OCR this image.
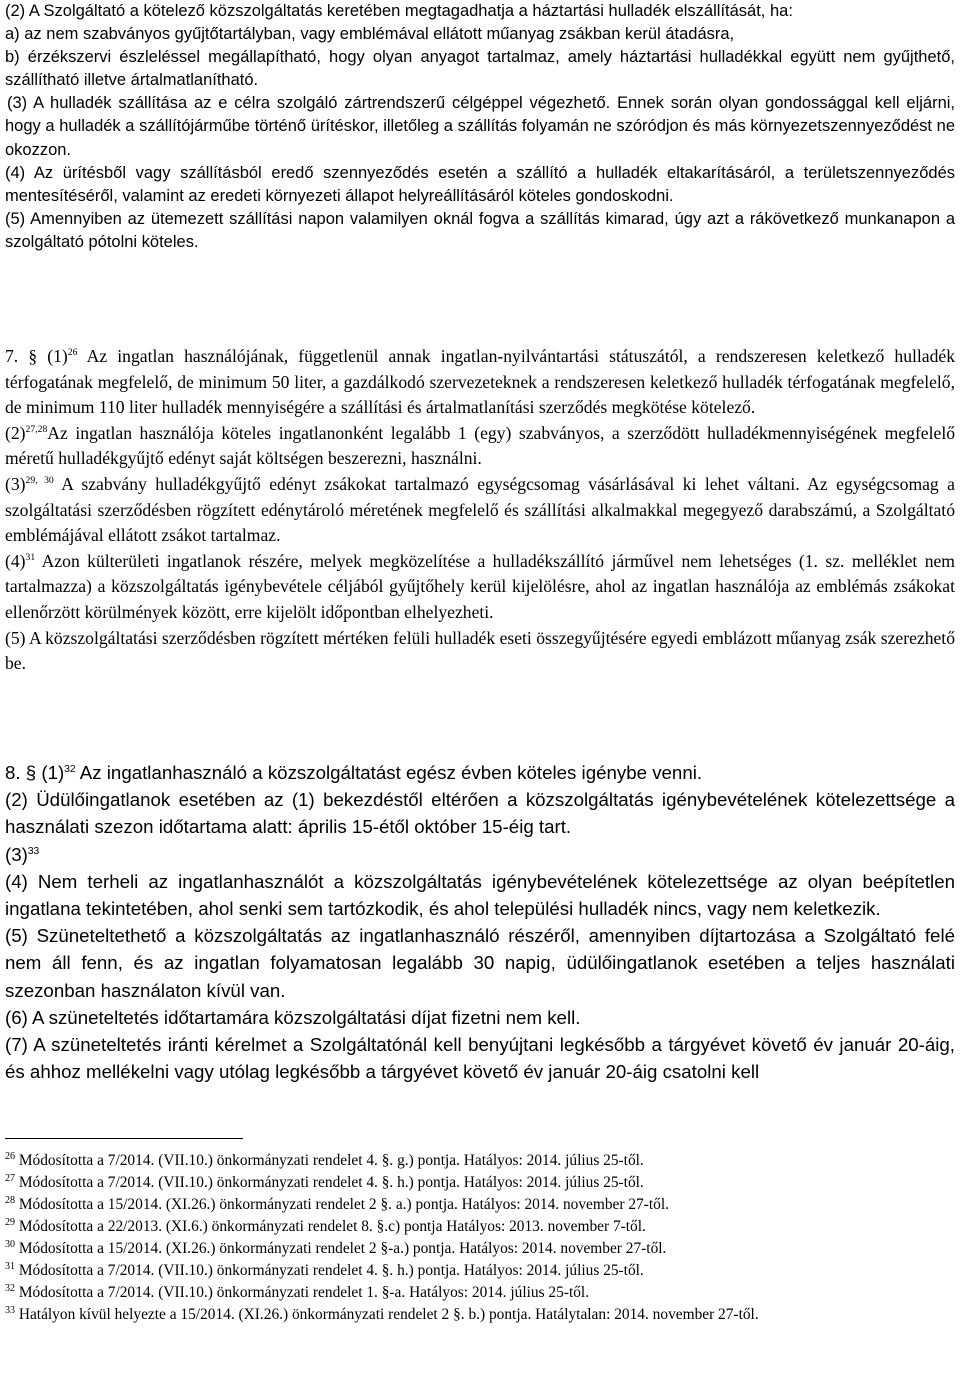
(2) A Szolgáltató a kötelező közszolgáltatás keretében megtagadhatja a háztartási hulladék elszállítását, ha:

a) az nem szabványos gyűjtőtartályban, vagy emblémával ellátott műanyag zsákban kerül átadásra,

b) érzékszervi észleléssel megállapítható, hogy olyan anyagot tartalmaz, amely háztartási hulladékkal együtt nem gyűjthető, szállítható illetve ártalmatlanítható.

(3) A hulladék szállítása az e célra szolgáló zártrendszerű célgéppel végezhető. Ennek során olyan gondossággal kell eljárni, hogy a hulladék a szállítójárműbe történő ürítéskor, illetőleg a szállítás folyamán ne szóródjon és más környezetszennyeződést ne okozzon.

(4) Az ürítésből vagy szállításból eredő szennyeződés esetén a szállító a hulladék eltakarításáról, a területszennyeződés mentesítéséről, valamint az eredeti környezeti állapot helyreállításáról köteles gondoskodni.

(5) Amennyiben az ütemezett szállítási napon valamilyen oknál fogva a szállítás kimarad, úgy azt a rákövetkező munkanapon a szolgáltató pótolni köteles.

7. § $(1)^{26}$ Az ingatlan használójának, függetlenül annak ingatlan-nyilvántartási státuszától, a rendszeresen keletkező hulladék térfogatának megfelelő, de minimum 50 liter, a gazdálkodó szervezeteknek a rendszeresen keletkező hulladék térfogatának megfelelő, de minimum 110 liter hulladék mennyiségére a szállítási és ártalmatlanítási szerződés megkötése kötelező.

$(2)^{27,28}Az$ ingatlan használója köteles ingatlanonként legalább 1 (egy) szabványos, a szerződött hulladékmennyiségének megfelelő méretű hulladékgyűjtő edényt saját költségen beszerezni, használni.

$(3)^{29, 30}$ A szabvány hulladékgyűjtő edényt zsákokat tartalmazó egységcsomag vásárlásával ki lehet váltani. Az egységcsomag a szolgáltatási szerződésben rögzített edénytároló méretének megfelelő és szállítási alkalmakkal megegyező darabszámú, a Szolgáltató emblémájával ellátott zsákot tartalmaz.

$(4)^{31}$ Azon külterületi ingatlanok részére, melyek megközelítése a hulladékszállító járművel nem lehetséges (1. sz. melléklet nem tartalmazza) a közszolgáltatás igénybevétele céljából gyűjtőhely kerül kijelölésre, ahol az ingatlan használója az emblémás zsákokat ellenőrzött körülmények között, erre kijelölt időpontban elhelyezheti.

(5) A közszolgáltatási szerződésben rögzített mértéken felüli hulladék eseti összegyűjtésére egyedi emblázott műanyag zsák szerezhető be.

8. § $(1)^{32}$ Az ingatlanhasználó a közszolgáltatást egész évben köteles igénybe venni.

(2) Üdülőingatlanok esetében az (1) bekezdéstől eltérően a közszolgáltatás igénybevételének kötelezettsége a használati szezon időtartama alatt: április 15-étől október 15-éig tart.

$(3)^{33}$

(4) Nem terheli az ingatlanhasználót a közszolgáltatás igénybevételének kötelezettsége az olyan beépítetlen ingatlana tekintetében, ahol senki sem tartózkodik, és ahol települési hulladék nincs, vagy nem keletkezik.

(5) Szüneteltethető a közszolgáltatás az ingatlanhasználó részéről, amennyiben díjtartozása a Szolgáltató felé nem áll fenn, és az ingatlan folyamatosan legalább 30 napig, üdülőingatlanok esetében a teljes használati szezonban használaton kívül van.

(6) A szüneteltetés időtartamára közszolgáltatási díjat fizetni nem kell.

(7) A szüneteltetés iránti kérelmet a Szolgáltatónál kell benyújtani legkésőbb a tárgyévet követő év január 20-áig, és ahhoz mellékelni vagy utólag legkésőbb a tárgyévet követő év január 20-áig csatolni kell

$^{26}$ Módosította a 7/2014. (VII.10.) önkormányzati rendelet 4. §. g.) pontja. Hatályos: 2014. július 25-től.

$^{27}$ Módosította a 7/2014. (VII.10.) önkormányzati rendelet 4. §. h.) pontja. Hatályos: 2014. július 25-től.

$^{28}$ Módosította a 15/2014. (XI.26.) önkormányzati rendelet 2 §. a.) pontja. Hatályos: 2014. november 27-től.

$^{29}$ Módosította a 22/2013. (XI.6.) önkormányzati rendelet 8. §.c) pontja Hatályos: 2013. november 7-től.

$^{30}$ Módosította a 15/2014. (XI.26.) önkormányzati rendelet 2 §-a.) pontja. Hatályos: 2014. november 27-től.

$^{31}$ Módosította a 7/2014. (VII.10.) önkormányzati rendelet 4. §. h.) pontja. Hatályos: 2014. július 25-től.

$^{32}$ Módosította a 7/2014. (VII.10.) önkormányzati rendelet 1. §-a. Hatályos: 2014. július 25-től.

$^{33}$ Hatályon kívül helyezte a 15/2014. (XI.26.) önkormányzati rendelet 2 §. b.) pontja. Hatálytalan: 2014. november 27-től.
